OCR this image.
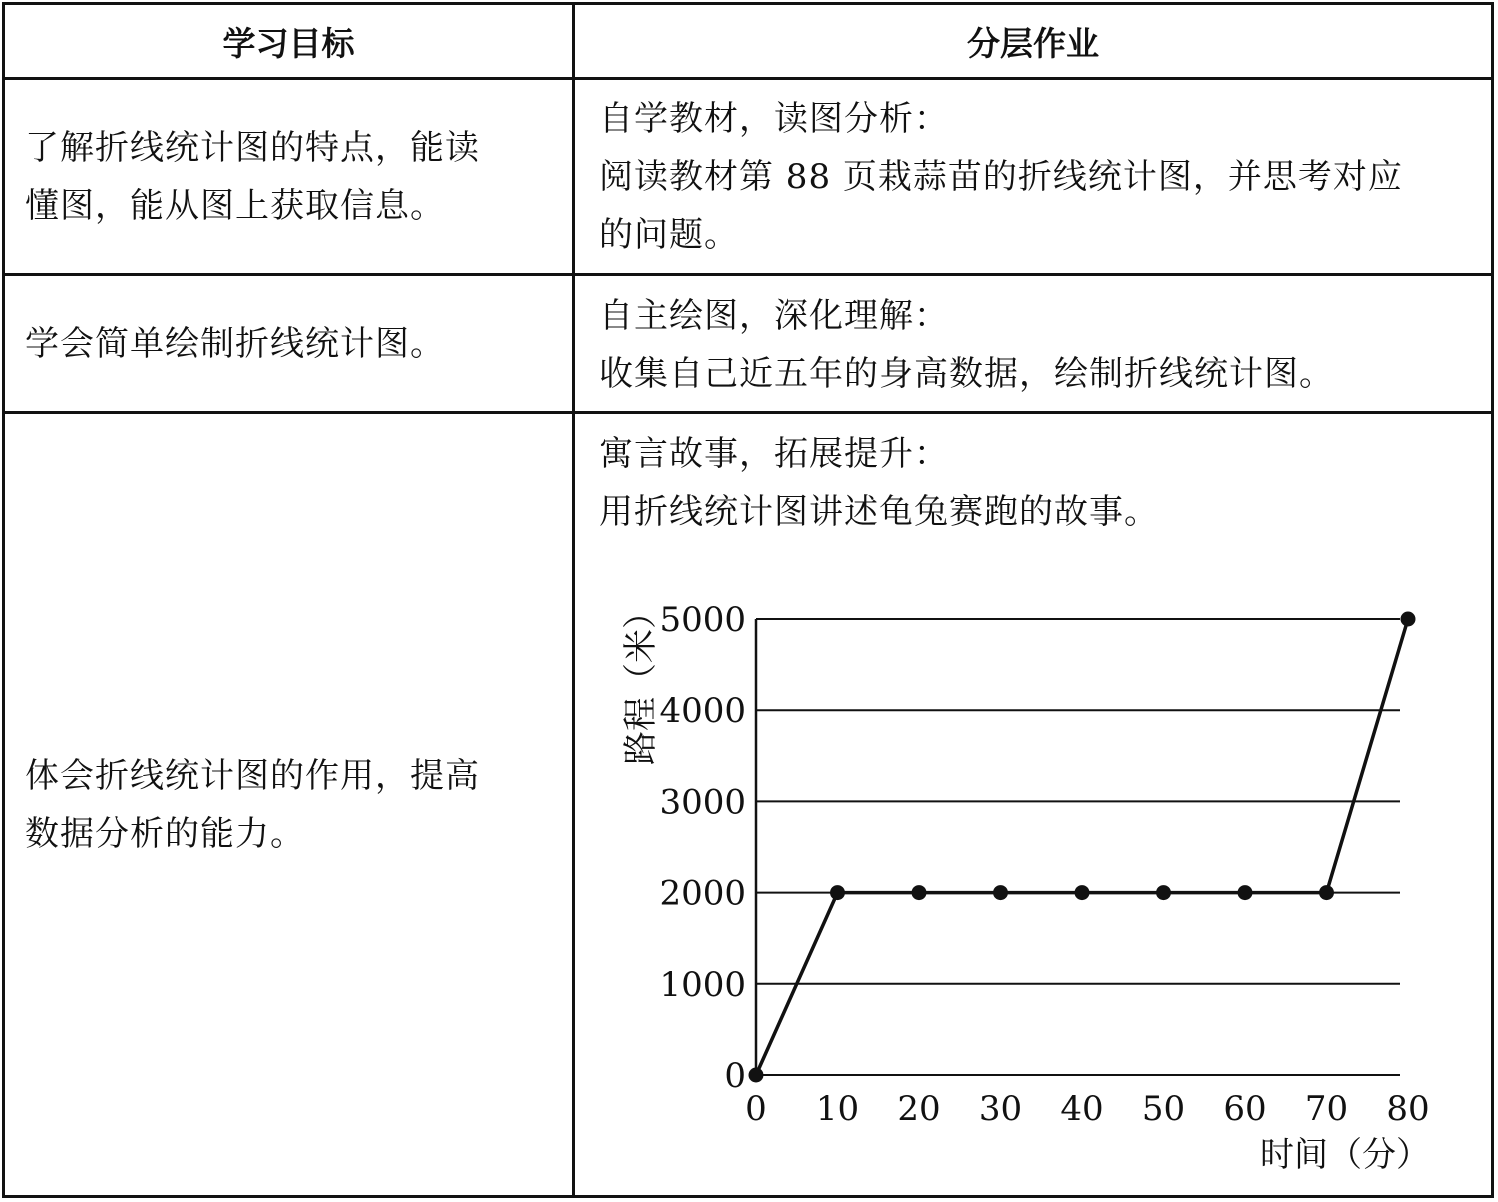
学习目标	分层作业
了解折线统计图的特点，能读
懂图，能从图上获取信息。
自学教材，读图分析：
阅读教材第 88 页栽蒜苗的折线统计图，并思考对应
的问题。
学会简单绘制折线统计图。
自主绘图，深化理解：
收集自己近五年的身高数据，绘制折线统计图。
体会折线统计图的作用，提高
数据分析的能力。
寓言故事，拓展提升：
用折线统计图讲述龟兔赛跑的故事。
0
1000
2000
3000
4000
5000
0 10 20 30 40 50 60 70 80
路程（米）
时间（分）
